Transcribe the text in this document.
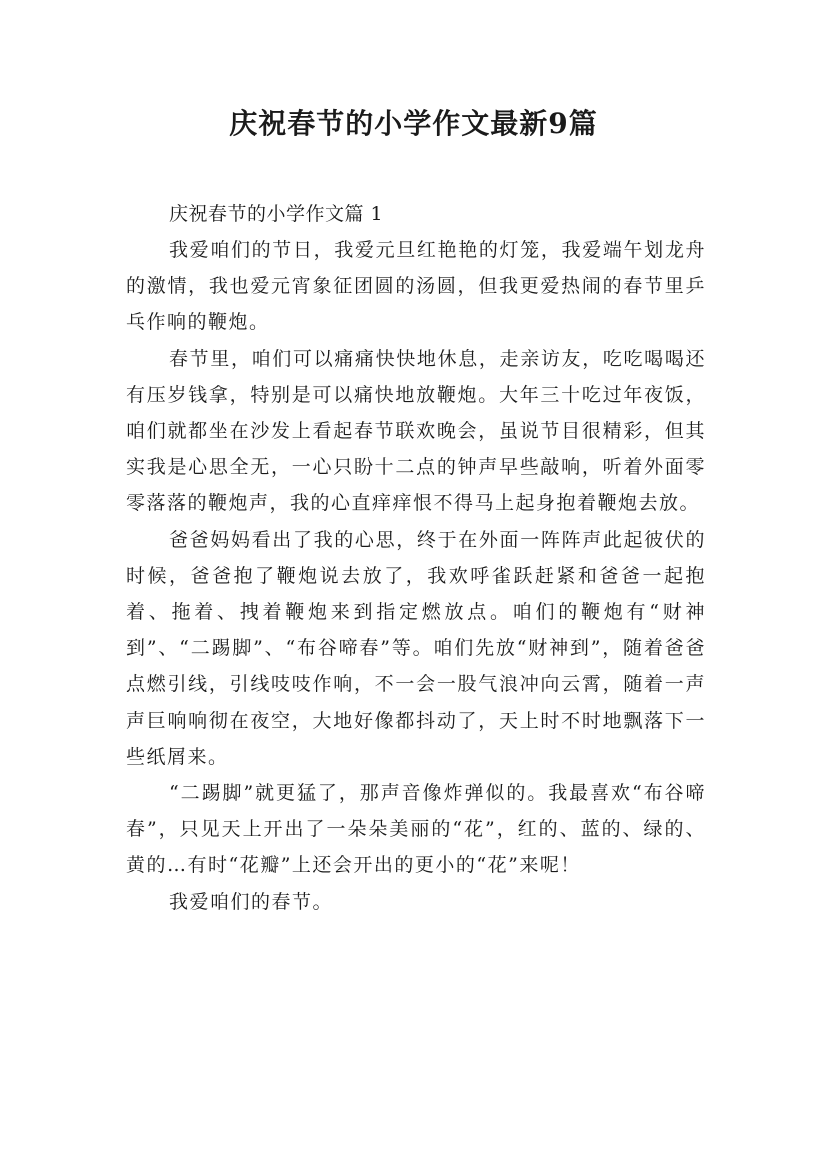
庆祝春节的小学作文最新9篇
庆祝春节的小学作文篇 1

我爱咱们的节日，我爱元旦红艳艳的灯笼，我爱端午划龙舟的激情，我也爱元宵象征团圆的汤圆，但我更爱热闹的春节里乒乓作响的鞭炮。

春节里，咱们可以痛痛快快地休息，走亲访友，吃吃喝喝还有压岁钱拿，特别是可以痛快地放鞭炮。大年三十吃过年夜饭，咱们就都坐在沙发上看起春节联欢晚会，虽说节目很精彩，但其实我是心思全无，一心只盼十二点的钟声早些敲响，听着外面零零落落的鞭炮声，我的心直痒痒恨不得马上起身抱着鞭炮去放。

爸爸妈妈看出了我的心思，终于在外面一阵阵声此起彼伏的时候，爸爸抱了鞭炮说去放了，我欢呼雀跃赶紧和爸爸一起抱着、拖着、拽着鞭炮来到指定燃放点。咱们的鞭炮有“财神到”、“二踢脚”、“布谷啼春”等。咱们先放“财神到”，随着爸爸点燃引线，引线吱吱作响，不一会一股气浪冲向云霄，随着一声声巨响响彻在夜空，大地好像都抖动了，天上时不时地飘落下一些纸屑来。

“二踢脚”就更猛了，那声音像炸弹似的。我最喜欢“布谷啼春”，只见天上开出了一朵朵美丽的“花”，红的、蓝的、绿的、黄的…有时“花瓣”上还会开出的更小的“花”来呢！

我爱咱们的春节。
